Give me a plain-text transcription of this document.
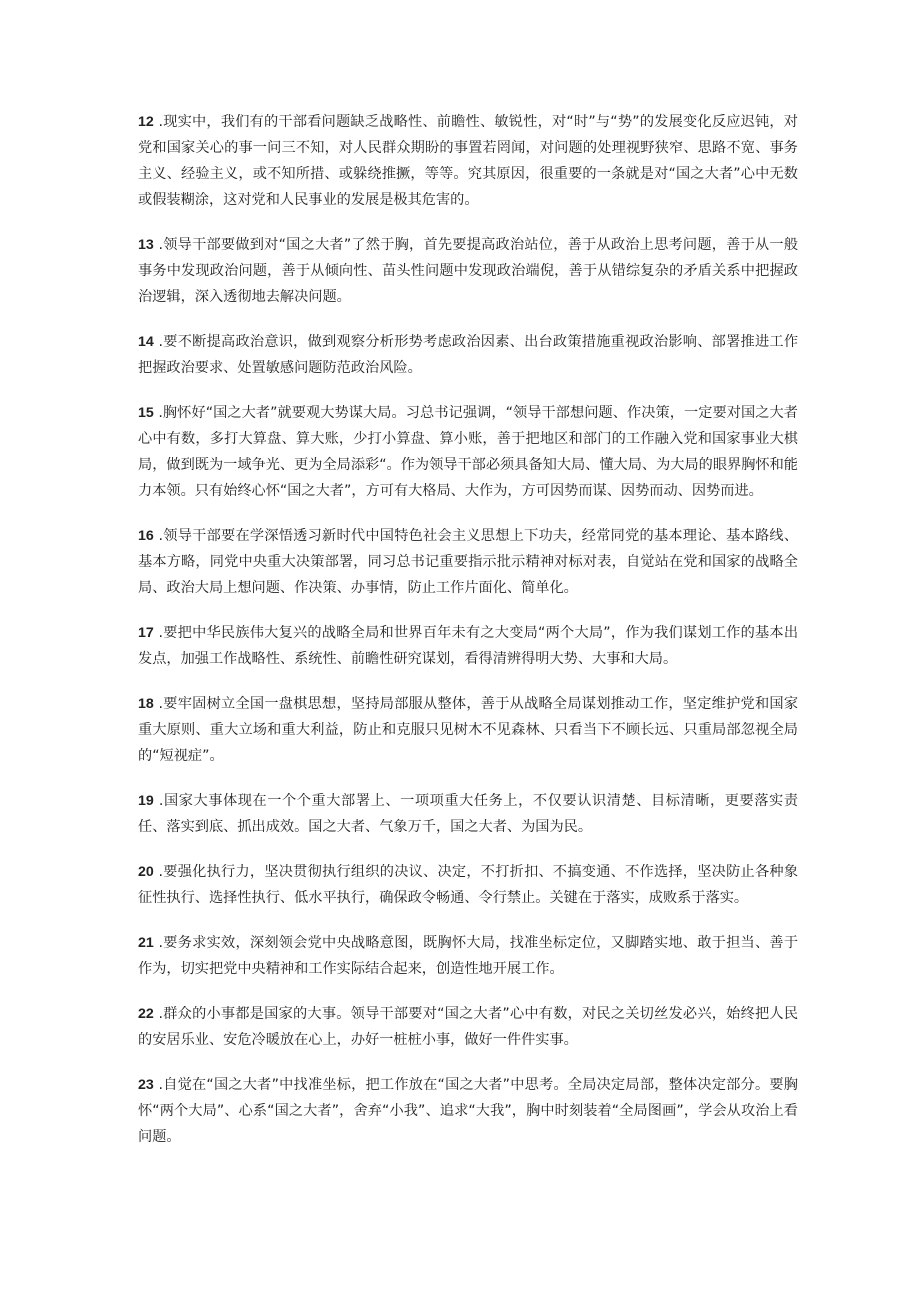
12 .现实中，我们有的干部看问题缺乏战略性、前瞻性、敏锐性，对“时”与“势”的发展变化反应迟钝，对党和国家关心的事一问三不知，对人民群众期盼的事置若罔闻，对问题的处理视野狭窄、思路不宽、事务主义、经验主义，或不知所措、或躲绕推撅，等等。究其原因，很重要的一条就是对“国之大者”心中无数或假装糊涂，这对党和人民事业的发展是极其危害的。

13 .领导干部要做到对“国之大者”了然于胸，首先要提高政治站位，善于从政治上思考问题，善于从一般事务中发现政治问题，善于从倾向性、苗头性问题中发现政治端倪，善于从错综复杂的矛盾关系中把握政治逻辑，深入透彻地去解决问题。

14 .要不断提高政治意识，做到观察分析形势考虑政治因素、出台政策措施重视政治影响、部署推进工作把握政治要求、处置敏感问题防范政治风险。

15 .胸怀好“国之大者”就要观大势谋大局。习总书记强调，“领导干部想问题、作决策，一定要对国之大者心中有数，多打大算盘、算大账，少打小算盘、算小账，善于把地区和部门的工作融入党和国家事业大棋局，做到既为一域争光、更为全局添彩“。作为领导干部必须具备知大局、懂大局、为大局的眼界胸怀和能力本领。只有始终心怀“国之大者”，方可有大格局、大作为，方可因势而谋、因势而动、因势而进。

16 .领导干部要在学深悟透习新时代中国特色社会主义思想上下功夫，经常同党的基本理论、基本路线、基本方略，同党中央重大决策部署，同习总书记重要指示批示精神对标对表，自觉站在党和国家的战略全局、政治大局上想问题、作决策、办事情，防止工作片面化、简单化。

17 .要把中华民族伟大复兴的战略全局和世界百年未有之大变局“两个大局”，作为我们谋划工作的基本出发点，加强工作战略性、系统性、前瞻性研究谋划，看得清辨得明大势、大事和大局。

18 .要牢固树立全国一盘棋思想，坚持局部服从整体，善于从战略全局谋划推动工作，坚定维护党和国家重大原则、重大立场和重大利益，防止和克服只见树木不见森林、只看当下不顾长远、只重局部忽视全局的“短视症”。

19 .国家大事体现在一个个重大部署上、一项项重大任务上，不仅要认识清楚、目标清晰，更要落实责任、落实到底、抓出成效。国之大者、气象万千，国之大者、为国为民。

20 .要强化执行力，坚决贯彻执行组织的决议、决定，不打折扣、不搞变通、不作选择，坚决防止各种象征性执行、选择性执行、低水平执行，确保政令畅通、令行禁止。关键在于落实，成败系于落实。

21 .要务求实效，深刻领会党中央战略意图，既胸怀大局，找准坐标定位，又脚踏实地、敢于担当、善于作为，切实把党中央精神和工作实际结合起来，创造性地开展工作。

22 .群众的小事都是国家的大事。领导干部要对“国之大者”心中有数，对民之关切丝发必兴，始终把人民的安居乐业、安危冷暖放在心上，办好一桩桩小事，做好一件件实事。

23 .自觉在“国之大者”中找准坐标，把工作放在“国之大者”中思考。全局决定局部，整体决定部分。要胸怀“两个大局”、心系“国之大者”，舍弃“小我”、追求“大我”，胸中时刻装着“全局图画”，学会从攻治上看问题。
